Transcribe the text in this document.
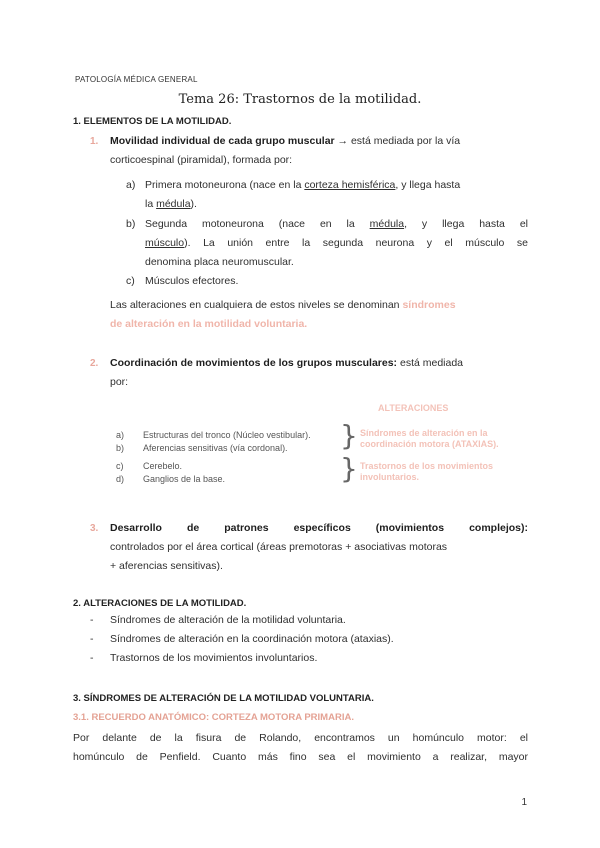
PATOLOGÍA MÉDICA GENERAL
Tema 26: Trastornos de la motilidad.
1. ELEMENTOS DE LA MOTILIDAD.
1. Movilidad individual de cada grupo muscular → está mediada por la vía
corticoespinal (piramidal), formada por:
a) Primera motoneurona (nace en la corteza hemisférica, y llega hasta
la médula).
b) Segunda motoneurona (nace en la médula, y llega hasta el
músculo). La unión entre la segunda neurona y el músculo se
denomina placa neuromuscular.
c) Músculos efectores.
Las alteraciones en cualquiera de estos niveles se denominan síndromes
de alteración en la motilidad voluntaria.
2. Coordinación de movimientos de los grupos musculares: está mediada
por:
ALTERACIONES
a) Estructuras del tronco (Núcleo vestibular).
b) Aferencias sensitivas (vía cordonal). } Síndromes de alteración en la
coordinación motora (ATAXIAS).
c) Cerebelo.
d) Ganglios de la base.	} Trastornos de los movimientos
involuntarios.
3. Desarrollo de patrones específicos (movimientos complejos):
controlados por el área cortical (áreas premotoras + asociativas motoras
+ aferencias sensitivas).
2. ALTERACIONES DE LA MOTILIDAD.
- Síndromes de alteración de la motilidad voluntaria.
- Síndromes de alteración en la coordinación motora (ataxias).
- Trastornos de los movimientos involuntarios.
3. SÍNDROMES DE ALTERACIÓN DE LA MOTILIDAD VOLUNTARIA.
3.1. RECUERDO ANATÓMICO: CORTEZA MOTORA PRIMARIA.
Por delante de la fisura de Rolando, encontramos un homúnculo motor: el
homúnculo de Penfield. Cuanto más fino sea el movimiento a realizar, mayor
1
